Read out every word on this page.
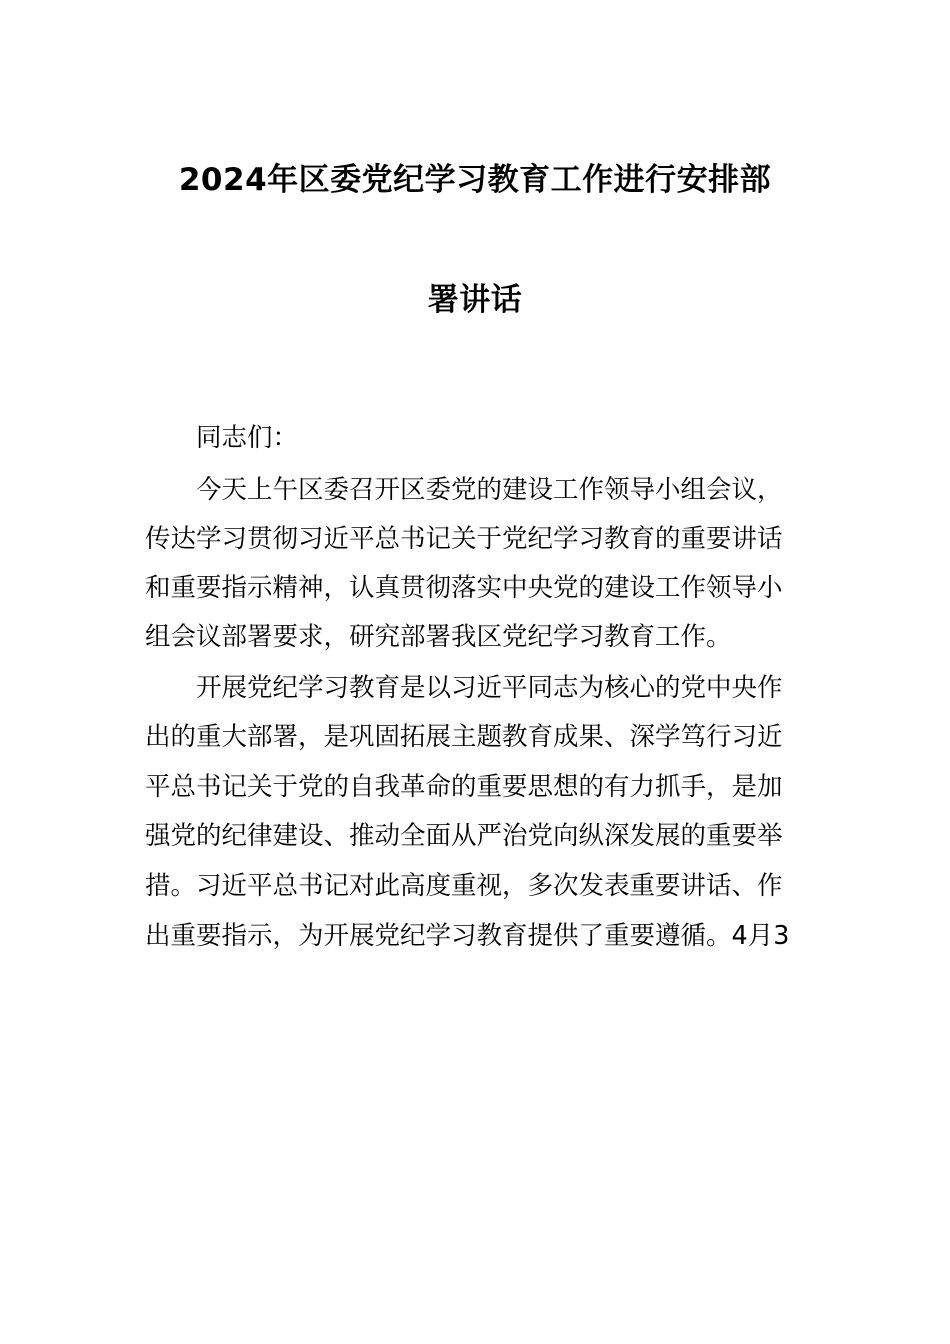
2024年区委党纪学习教育工作进行安排部
署讲话
同志们：
今天上午区委召开区委党的建设工作领导小组会议，
传达学习贯彻习近平总书记关于党纪学习教育的重要讲话
和重要指示精神，认真贯彻落实中央党的建设工作领导小
组会议部署要求，研究部署我区党纪学习教育工作。
开展党纪学习教育是以习近平同志为核心的党中央作
出的重大部署，是巩固拓展主题教育成果、深学笃行习近
平总书记关于党的自我革命的重要思想的有力抓手，是加
强党的纪律建设、推动全面从严治党向纵深发展的重要举
措。习近平总书记对此高度重视，多次发表重要讲话、作
出重要指示，为开展党纪学习教育提供了重要遵循。4月3
